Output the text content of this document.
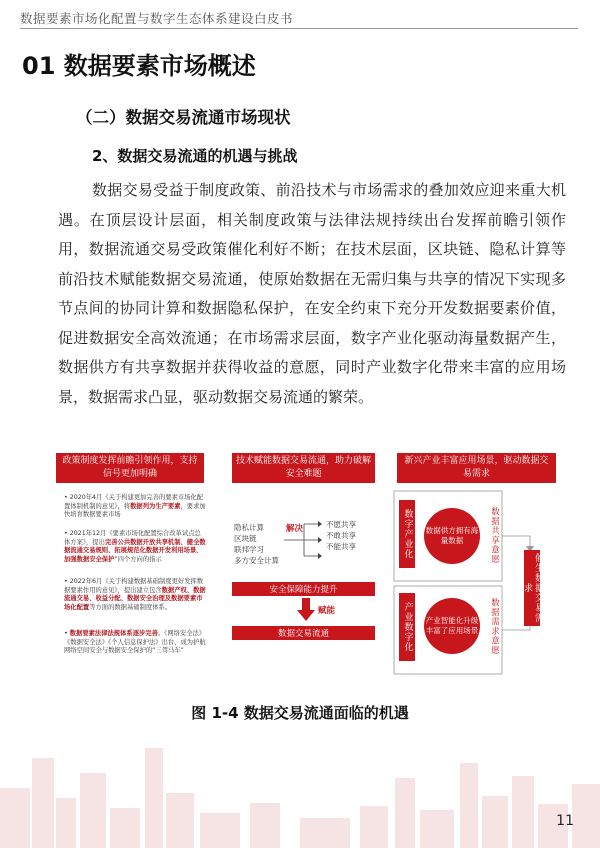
数据要素市场化配置与数字生态体系建设白皮书
01 数据要素市场概述
（二）数据交易流通市场现状
2、数据交易流通的机遇与挑战

数据交易受益于制度政策、前沿技术与市场需求的叠加效应迎来重大机遇。在顶层设计层面，相关制度政策与法律法规持续出台发挥前瞻引领作用，数据流通交易受政策催化利好不断；在技术层面，区块链、隐私计算等前沿技术赋能数据交易流通，使原始数据在无需归集与共享的情况下实现多节点间的协同计算和数据隐私保护，在安全约束下充分开发数据要素价值，促进数据安全高效流通；在市场需求层面，数字产业化驱动海量数据产生，数据供方有共享数据并获得收益的意愿，同时产业数字化带来丰富的应用场景，数据需求凸显，驱动数据交易流通的繁荣。

政策制度发挥前瞻引领作用，支持信号更加明确
• 2020年4月《关于构建更加完善的要素市场化配置体制机制的意见》，将数据列为生产要素，要求加快培育数据要素市场
• 2021年12月《要素市场化配置综合改革试点总体方案》，提出完善公共数据开放共享机制、健全数据流通交易规则、拓展规范化数据开发利用场景、加强数据安全保护”四个方向的指示
• 2022年6月《关于构建数据基础制度更好发挥数据要素作用的意见》，提出建立包含数据产权、数据流通交易、收益分配、数据安全治理及数据要素市场化配置等方面的数据基础制度体系。
• 数据要素法律法规体系逐步完善。《网络安全法》《数据安全法》《个人信息保护法》出台，成为护航网络空间安全与数据安全保护的“三驾马车”
技术赋能数据交易流通，助力破解安全难题
隐私计算
区块链
联邦学习
多方安全计算
解决	不愿共享
不敢共享
不能共享
安全保障能力提升
赋能
数据交易流通
新兴产业丰富应用场景，驱动数据交易需求
数字产业化	数据供方拥有海量数据	数据共享意愿
产业数字化	产业智能化升级丰富了应用场景	数据需求意愿
催生数据交易需求
图 1-4 数据交易流通面临的机遇
11
